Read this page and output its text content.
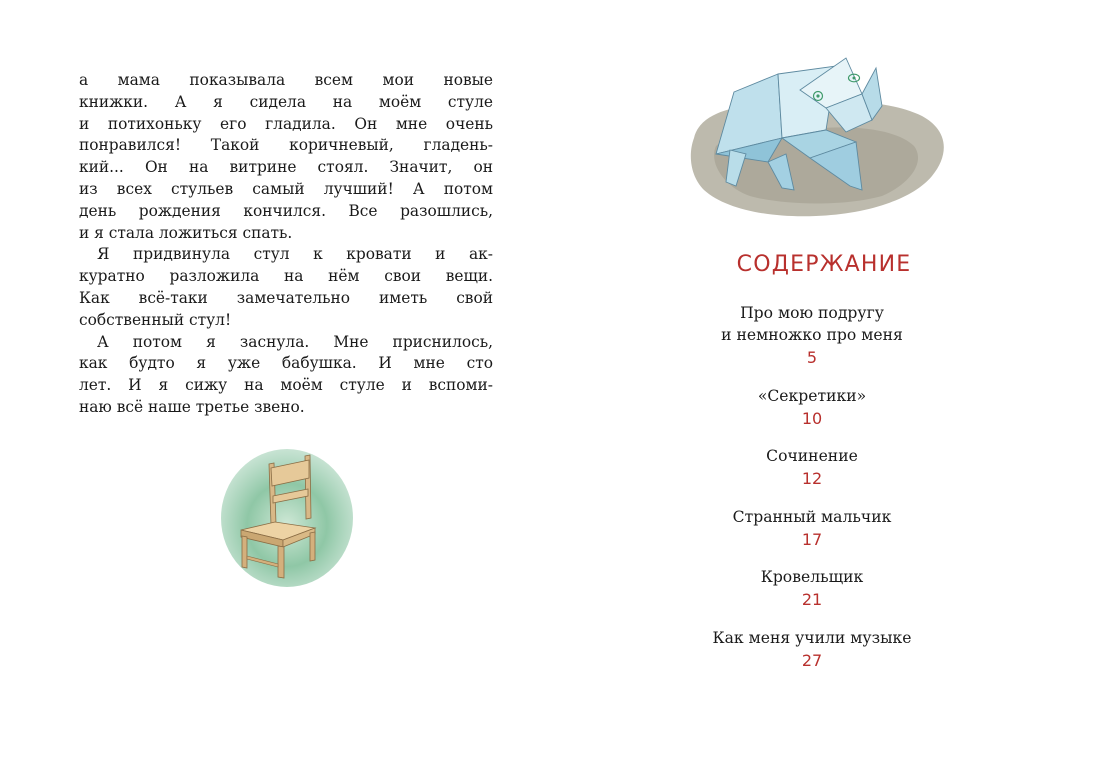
а мама показывала всем мои новые
книжки. А я сидела на моём стуле
и потихоньку его гладила. Он мне очень
понравился! Такой коричневый, гладень-
кий... Он на витрине стоял. Значит, он
из всех стульев самый лучший! А потом
день рождения кончился. Все разошлись,
и я стала ложиться спать.
Я придвинула стул к кровати и ак-
куратно разложила на нём свои вещи.
Как всё-таки замечательно иметь свой
собственный стул!
А потом я заснула. Мне приснилось,
как будто я уже бабушка. И мне сто
лет. И я сижу на моём стуле и вспоми-
наю всё наше третье звено.
СОДЕРЖАНИЕ
Про мою подругу
и немножко про меня
5
«Секретики»
10
Сочинение
12
Странный мальчик
17
Кровельщик
21
Как меня учили музыке
27
